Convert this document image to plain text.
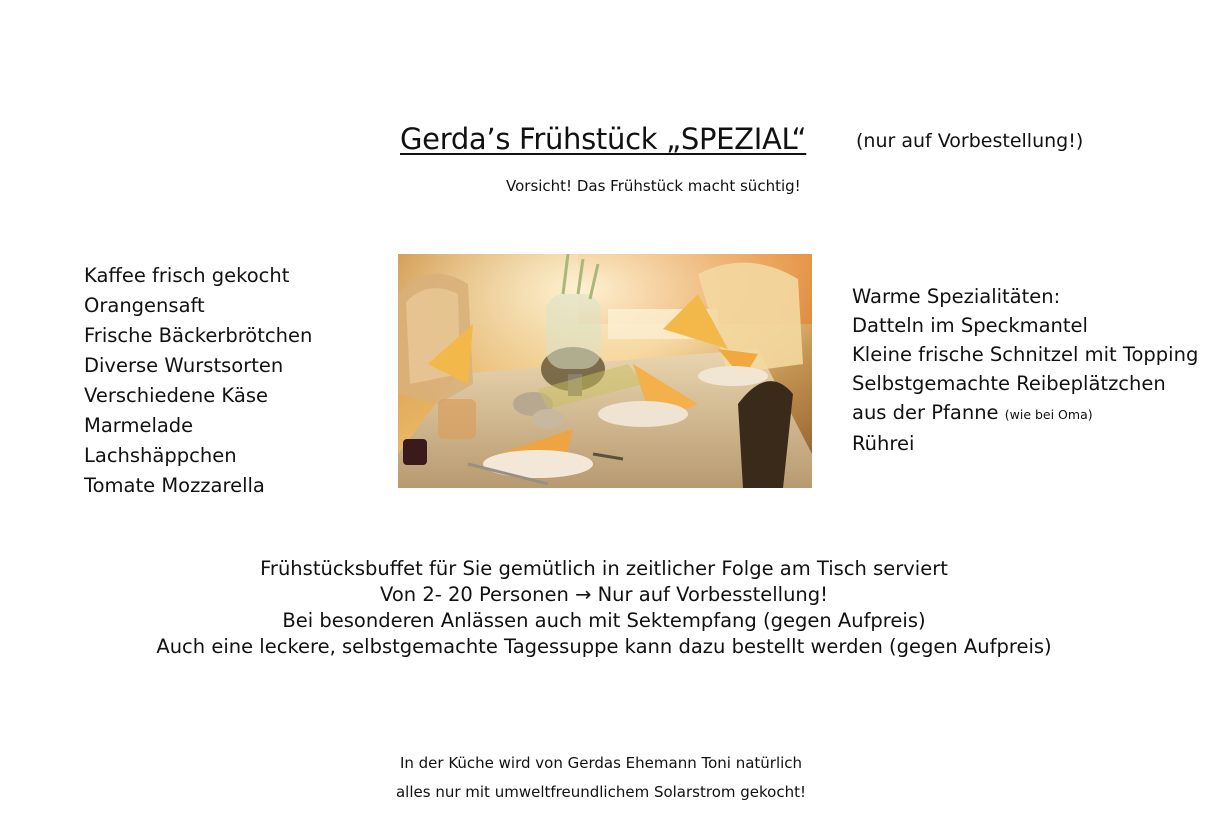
Gerda’s Frühstück „SPEZIAL“	(nur auf Vorbestellung!)
Vorsicht! Das Frühstück macht süchtig!
Kaffee frisch gekocht
Orangensaft
Frische Bäckerbrötchen
Diverse Wurstsorten
Verschiedene Käse
Marmelade
Lachshäppchen
Tomate Mozzarella
Warme Spezialitäten:
Datteln im Speckmantel
Kleine frische Schnitzel mit Topping
Selbstgemachte Reibeplätzchen
aus der Pfanne (wie bei Oma)
Rührei
Frühstücksbuffet für Sie gemütlich in zeitlicher Folge am Tisch serviert
Von 2- 20 Personen → Nur auf Vorbesstellung!
Bei besonderen Anlässen auch mit Sektempfang (gegen Aufpreis)
Auch eine leckere, selbstgemachte Tagessuppe kann dazu bestellt werden (gegen Aufpreis)
In der Küche wird von Gerdas Ehemann Toni natürlich
alles nur mit umweltfreundlichem Solarstrom gekocht!
